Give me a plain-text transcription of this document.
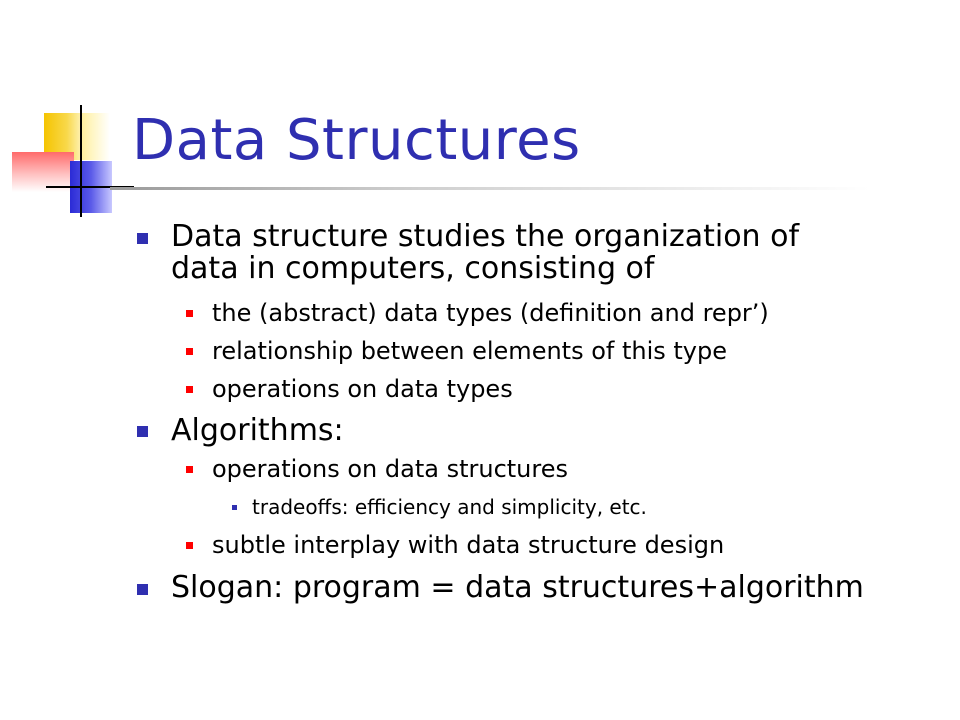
Data Structures
Data structure studies the organization of
data in computers, consisting of
the (abstract) data types (definition and repr’)
relationship between elements of this type
operations on data types
Algorithms:
operations on data structures
tradeoffs: efficiency and simplicity, etc.
subtle interplay with data structure design
Slogan: program = data structures+algorithm
